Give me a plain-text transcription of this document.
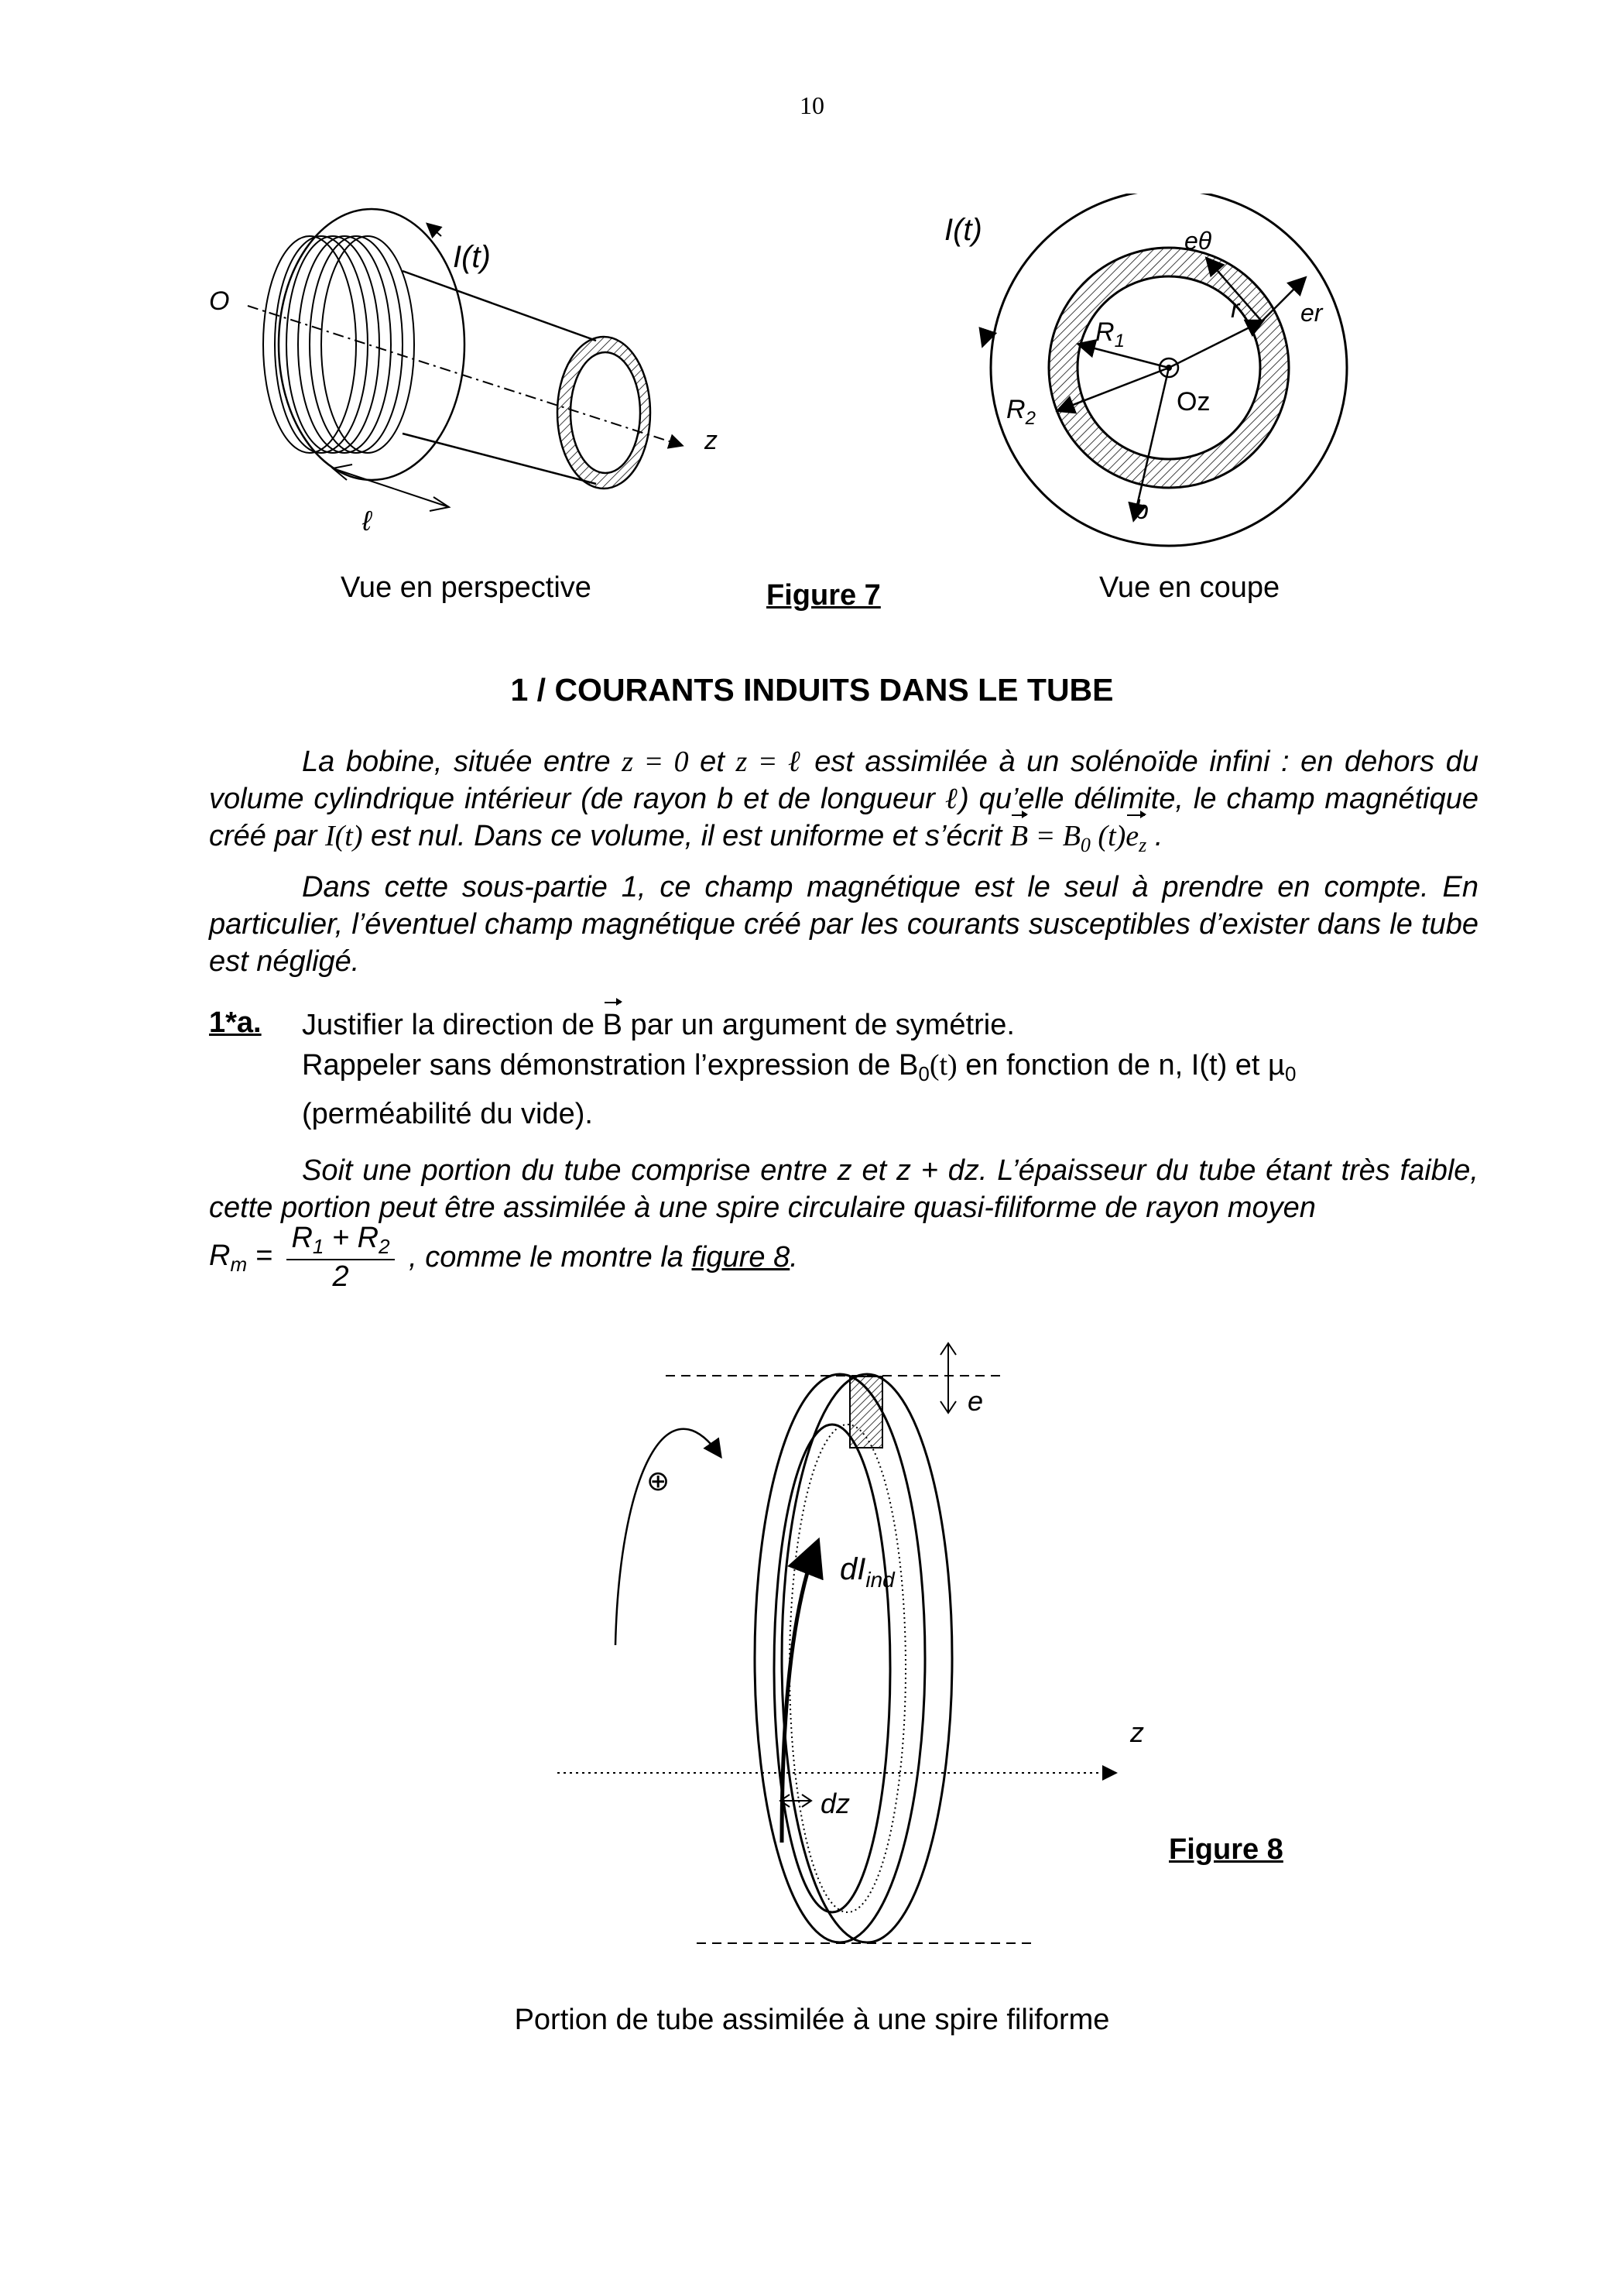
10
O
z
I(t)
ℓ
I(t)	eθ
er
$R_1$
$R_2$
r
Oz
b
Vue en perspective	Figure 7	Vue en coupe
1 / COURANTS INDUITS DANS LE TUBE
La bobine, située entre z = 0 et z = ℓ est assimilée à un solénoïde infini : en dehors du volume cylindrique intérieur (de rayon b et de longueur ℓ) qu’elle délimite, le champ magnétique créé par I(t) est nul. Dans ce volume, il est uniforme et s’écrit $B = B_0$ $(t)e_z$ .
Dans cette sous-partie 1, ce champ magnétique est le seul à prendre en compte. En particulier, l’éventuel champ magnétique créé par les courants susceptibles d’exister dans le tube est négligé.
1*a. Justifier la direction de B par un argument de symétrie.
Rappeler sans démonstration l’expression de $B_0(t)$ en fonction de n, I(t) et µ$_0$
(perméabilité du vide).
Soit une portion du tube comprise entre z et z + dz. L’épaisseur du tube étant très faible, cette portion peut être assimilée à une spire circulaire quasi-filiforme de rayon moyen
$R_m = \frac{R_1 + R_2}{2}$ , comme le montre la figure 8.
e
⊕
$dI_{ind}$
z
dz
Figure 8
Portion de tube assimilée à une spire filiforme
